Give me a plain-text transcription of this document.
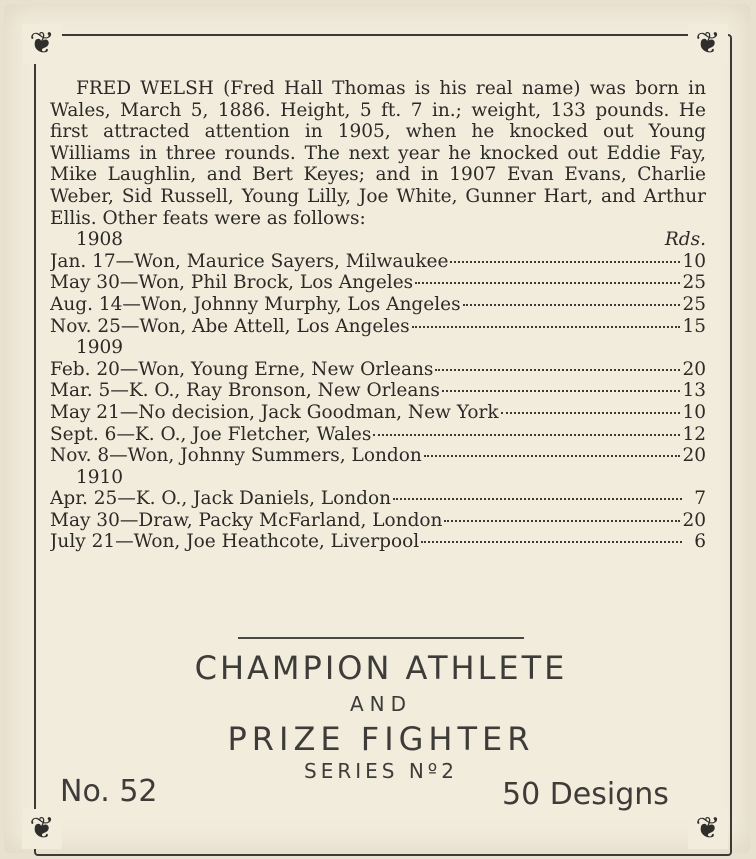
❦	❦
❦	❦

FRED WELSH (Fred Hall Thomas is his real name) was born in Wales, March 5, 1886. Height, 5 ft. 7 in.; weight, 133 pounds. He first attracted attention in 1905, when he knocked out Young Williams in three rounds. The next year he knocked out Eddie Fay, Mike Laughlin, and Bert Keyes; and in 1907 Evan Evans, Charlie Weber, Sid Russell, Young Lilly, Joe White, Gunner Hart, and Arthur Ellis. Other feats were as follows:

1908	Rds.
Jan. 17 —Won, Maurice Sayers, Milwaukee	10
May 30 —Won, Phil Brock, Los Angeles	25
Aug. 14 —Won, Johnny Murphy, Los Angeles	25
Nov. 25 —Won, Abe Attell, Los Angeles	15
1909
Feb. 20 —Won, Young Erne, New Orleans	20
Mar. 5 —K. O., Ray Bronson, New Orleans	13
May 21 —No decision, Jack Goodman, New York	10
Sept. 6 —K. O., Joe Fletcher, Wales	12
Nov. 8 —Won, Johnny Summers, London	20
1910
Apr. 25 —K. O., Jack Daniels, London	7
May 30 —Draw, Packy McFarland, London	20
July 21 —Won, Joe Heathcote, Liverpool	6
CHAMPION ATHLETE
AND
PRIZE FIGHTER
SERIES Nº2
No. 52	50 Designs
